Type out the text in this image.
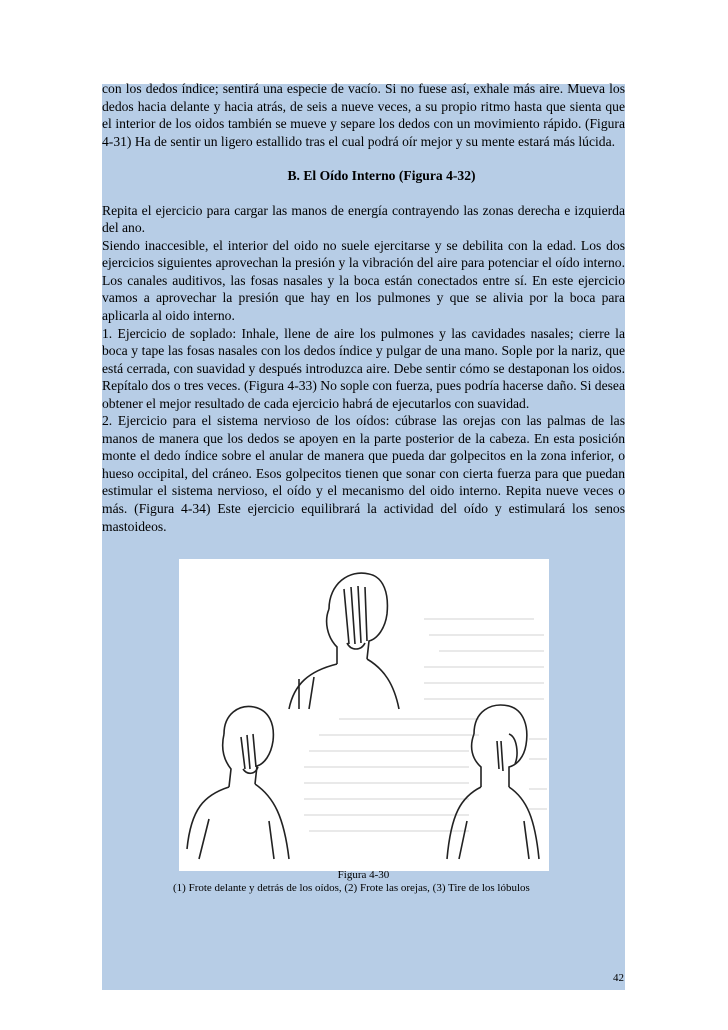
con los dedos índice; sentirá una especie de vacío. Si no fuese así, exhale más aire. Mueva los dedos hacia delante y hacia atrás, de seis a nueve veces, a su propio ritmo hasta que sienta que el interior de los oidos también se mueve y separe los dedos con un movimiento rápido. (Figura 4-31) Ha de sentir un ligero estallido tras el cual podrá oír mejor y su mente estará más lúcida.

B. El Oído Interno (Figura 4-32)

Repita el ejercicio para cargar las manos de energía contrayendo las zonas derecha e izquierda del ano.

Siendo inaccesible, el interior del oido no suele ejercitarse y se debilita con la edad. Los dos ejercicios siguientes aprovechan la presión y la vibración del aire para potenciar el oído interno. Los canales auditivos, las fosas nasales y la boca están conectados entre sí. En este ejercicio vamos a aprovechar la presión que hay en los pulmones y que se alivia por la boca para aplicarla al oido interno.

1. Ejercicio de soplado: Inhale, llene de aire los pulmones y las cavidades nasales; cierre la boca y tape las fosas nasales con los dedos índice y pulgar de una mano. Sople por la nariz, que está cerrada, con suavidad y después introduzca aire. Debe sentir cómo se destaponan los oidos. Repítalo dos o tres veces. (Figura 4-33) No sople con fuerza, pues podría hacerse daño. Si desea obtener el mejor resultado de cada ejercicio habrá de ejecutarlos con suavidad.

2. Ejercicio para el sistema nervioso de los oídos: cúbrase las orejas con las palmas de las manos de manera que los dedos se apoyen en la parte posterior de la cabeza. En esta posición monte el dedo índice sobre el anular de manera que pueda dar golpecitos en la zona inferior, o hueso occipital, del cráneo. Esos golpecitos tienen que sonar con cierta fuerza para que puedan estimular el sistema nervioso, el oído y el mecanismo del oido interno. Repita nueve veces o más. (Figura 4-34) Este ejercicio equilibrará la actividad del oído y estimulará los senos mastoideos.

Figura 4-30
(1) Frote delante y detrás de los oídos, (2) Frote las orejas, (3) Tire de los lóbulos
42
